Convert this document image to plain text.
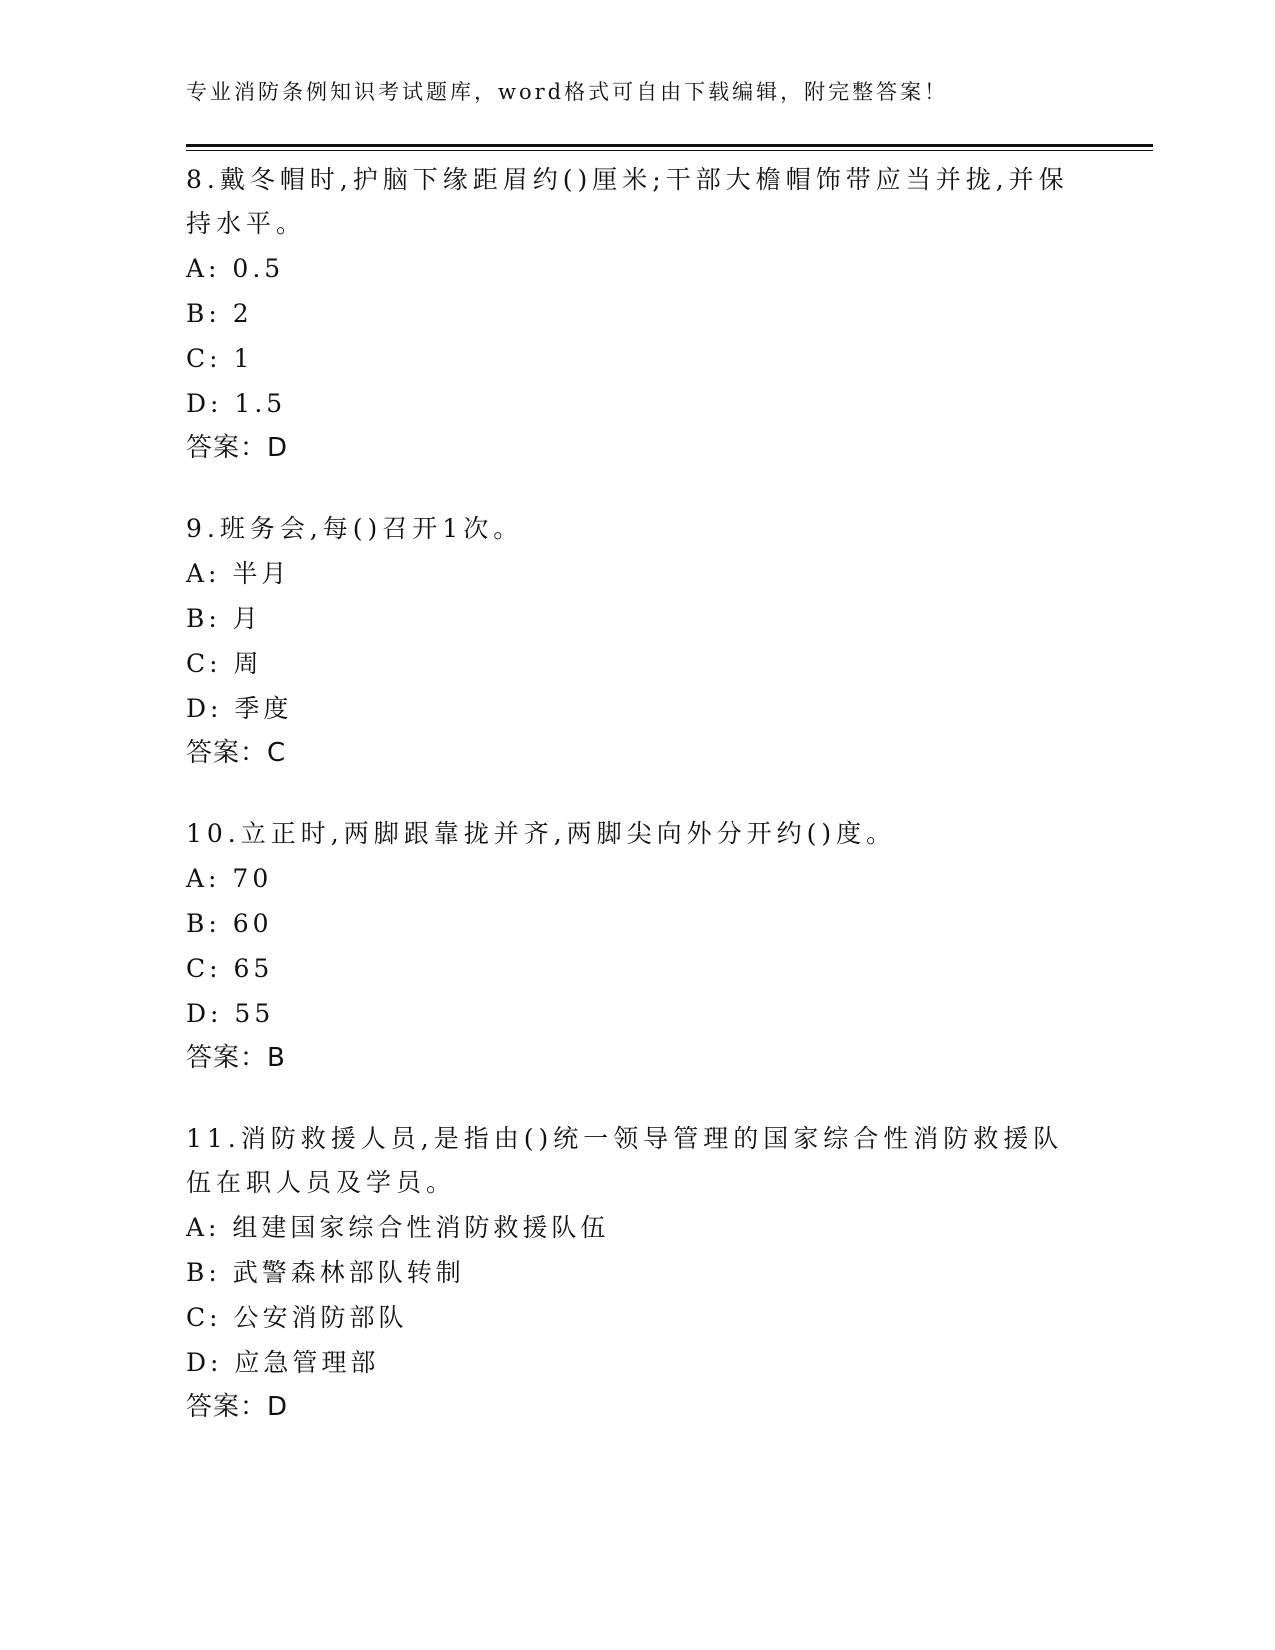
专业消防条例知识考试题库，word格式可自由下载编辑，附完整答案！

8.戴冬帽时,护脑下缘距眉约()厘米;干部大檐帽饰带应当并拢,并保持水平。

A: 0.5

B: 2

C: 1

D: 1.5

答案：D

9.班务会,每()召开1次。

A: 半月

B: 月

C: 周

D: 季度

答案：C

10.立正时,两脚跟靠拢并齐,两脚尖向外分开约()度。

A: 70

B: 60

C: 65

D: 55

答案：B

11.消防救援人员,是指由()统一领导管理的国家综合性消防救援队伍在职人员及学员。

A: 组建国家综合性消防救援队伍

B: 武警森林部队转制

C: 公安消防部队

D: 应急管理部

答案：D
